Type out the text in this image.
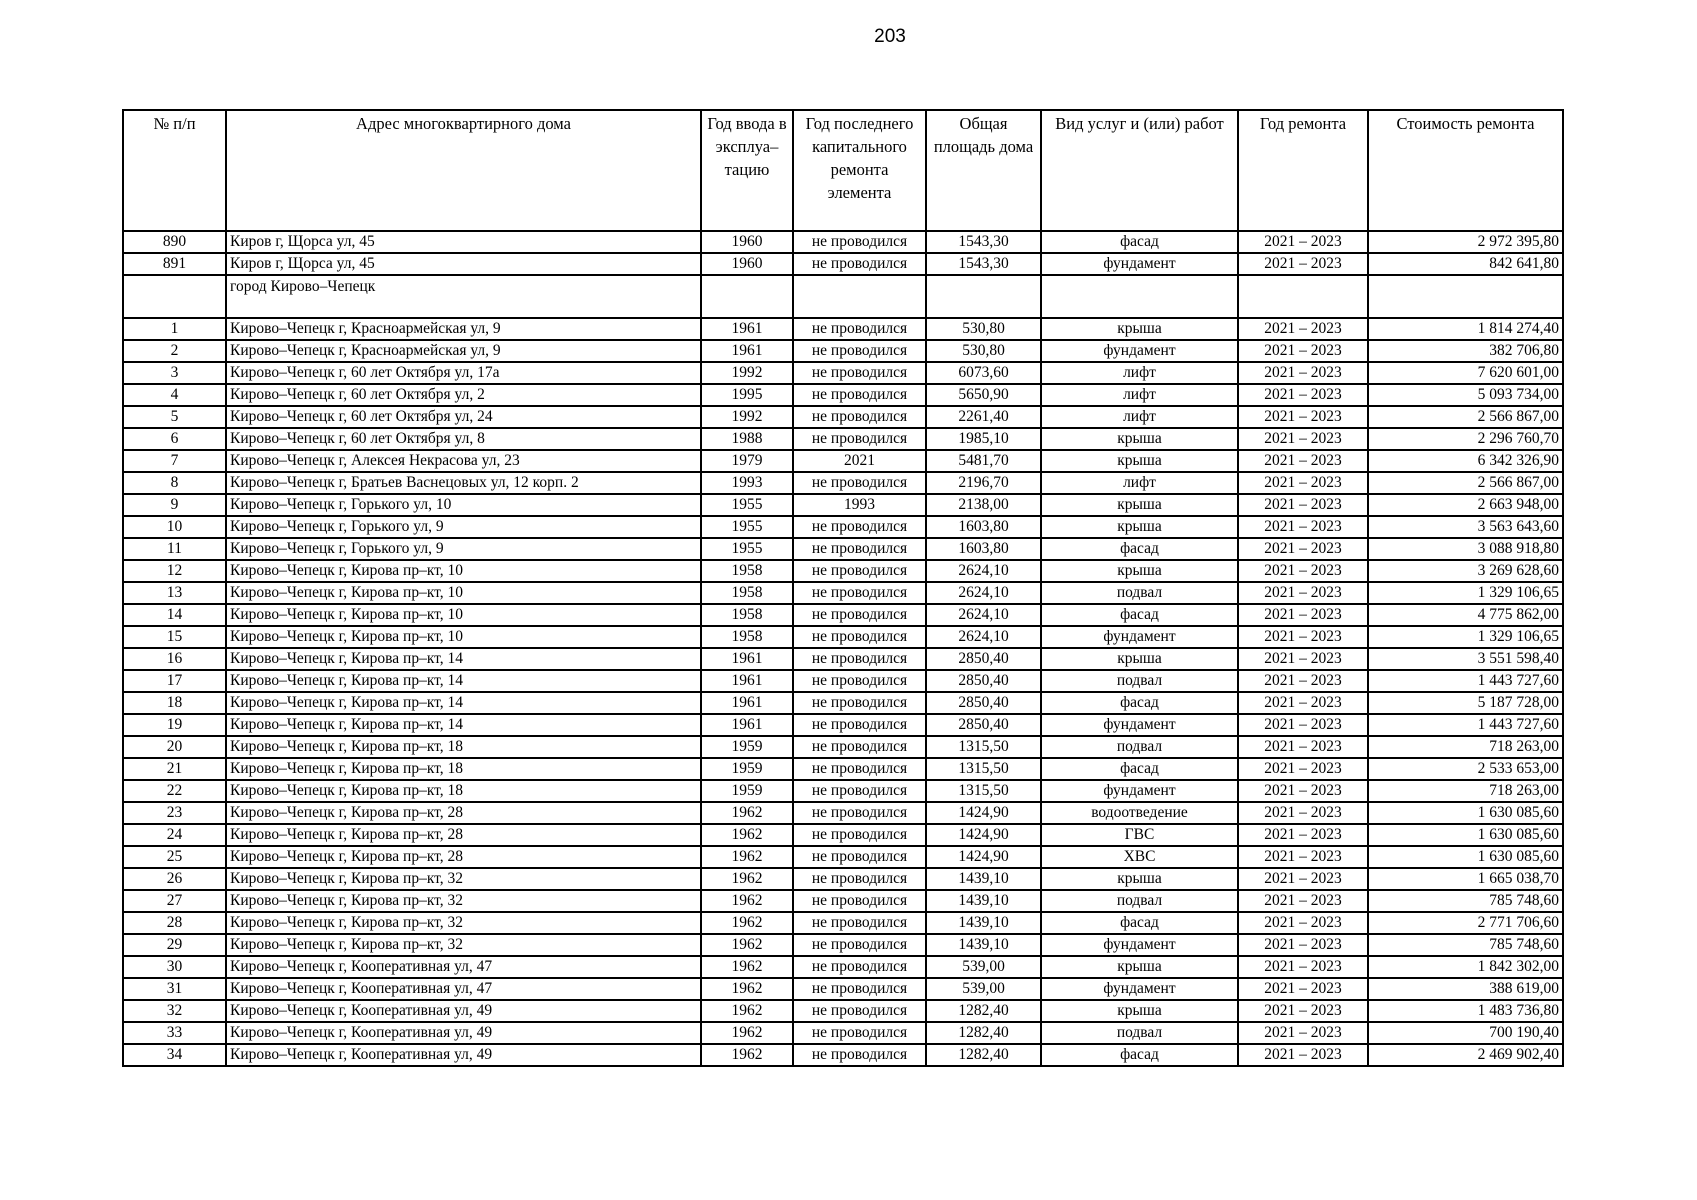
203
№ п/п	Адрес многоквартирного дома	Год ввода в эксплуа–тацию	Год последнего капитального ремонта элемента	Общая площадь дома	Вид услуг и (или) работ	Год ремонта	Стоимость ремонта
890	Киров г, Щорса ул, 45	1960	не проводился	1543,30	фасад	2021 – 2023	2 972 395,80
891	Киров г, Щорса ул, 45	1960	не проводился	1543,30	фундамент	2021 – 2023	842 641,80
	город Кирово–Чепецк						
1	Кирово–Чепецк г, Красноармейская ул, 9	1961	не проводился	530,80	крыша	2021 – 2023	1 814 274,40
2	Кирово–Чепецк г, Красноармейская ул, 9	1961	не проводился	530,80	фундамент	2021 – 2023	382 706,80
3	Кирово–Чепецк г, 60 лет Октября ул, 17а	1992	не проводился	6073,60	лифт	2021 – 2023	7 620 601,00
4	Кирово–Чепецк г, 60 лет Октября ул, 2	1995	не проводился	5650,90	лифт	2021 – 2023	5 093 734,00
5	Кирово–Чепецк г, 60 лет Октября ул, 24	1992	не проводился	2261,40	лифт	2021 – 2023	2 566 867,00
6	Кирово–Чепецк г, 60 лет Октября ул, 8	1988	не проводился	1985,10	крыша	2021 – 2023	2 296 760,70
7	Кирово–Чепецк г, Алексея Некрасова ул, 23	1979	2021	5481,70	крыша	2021 – 2023	6 342 326,90
8	Кирово–Чепецк г, Братьев Васнецовых ул, 12 корп. 2	1993	не проводился	2196,70	лифт	2021 – 2023	2 566 867,00
9	Кирово–Чепецк г, Горького ул, 10	1955	1993	2138,00	крыша	2021 – 2023	2 663 948,00
10	Кирово–Чепецк г, Горького ул, 9	1955	не проводился	1603,80	крыша	2021 – 2023	3 563 643,60
11	Кирово–Чепецк г, Горького ул, 9	1955	не проводился	1603,80	фасад	2021 – 2023	3 088 918,80
12	Кирово–Чепецк г, Кирова пр–кт, 10	1958	не проводился	2624,10	крыша	2021 – 2023	3 269 628,60
13	Кирово–Чепецк г, Кирова пр–кт, 10	1958	не проводился	2624,10	подвал	2021 – 2023	1 329 106,65
14	Кирово–Чепецк г, Кирова пр–кт, 10	1958	не проводился	2624,10	фасад	2021 – 2023	4 775 862,00
15	Кирово–Чепецк г, Кирова пр–кт, 10	1958	не проводился	2624,10	фундамент	2021 – 2023	1 329 106,65
16	Кирово–Чепецк г, Кирова пр–кт, 14	1961	не проводился	2850,40	крыша	2021 – 2023	3 551 598,40
17	Кирово–Чепецк г, Кирова пр–кт, 14	1961	не проводился	2850,40	подвал	2021 – 2023	1 443 727,60
18	Кирово–Чепецк г, Кирова пр–кт, 14	1961	не проводился	2850,40	фасад	2021 – 2023	5 187 728,00
19	Кирово–Чепецк г, Кирова пр–кт, 14	1961	не проводился	2850,40	фундамент	2021 – 2023	1 443 727,60
20	Кирово–Чепецк г, Кирова пр–кт, 18	1959	не проводился	1315,50	подвал	2021 – 2023	718 263,00
21	Кирово–Чепецк г, Кирова пр–кт, 18	1959	не проводился	1315,50	фасад	2021 – 2023	2 533 653,00
22	Кирово–Чепецк г, Кирова пр–кт, 18	1959	не проводился	1315,50	фундамент	2021 – 2023	718 263,00
23	Кирово–Чепецк г, Кирова пр–кт, 28	1962	не проводился	1424,90	водоотведение	2021 – 2023	1 630 085,60
24	Кирово–Чепецк г, Кирова пр–кт, 28	1962	не проводился	1424,90	ГВС	2021 – 2023	1 630 085,60
25	Кирово–Чепецк г, Кирова пр–кт, 28	1962	не проводился	1424,90	ХВС	2021 – 2023	1 630 085,60
26	Кирово–Чепецк г, Кирова пр–кт, 32	1962	не проводился	1439,10	крыша	2021 – 2023	1 665 038,70
27	Кирово–Чепецк г, Кирова пр–кт, 32	1962	не проводился	1439,10	подвал	2021 – 2023	785 748,60
28	Кирово–Чепецк г, Кирова пр–кт, 32	1962	не проводился	1439,10	фасад	2021 – 2023	2 771 706,60
29	Кирово–Чепецк г, Кирова пр–кт, 32	1962	не проводился	1439,10	фундамент	2021 – 2023	785 748,60
30	Кирово–Чепецк г, Кооперативная ул, 47	1962	не проводился	539,00	крыша	2021 – 2023	1 842 302,00
31	Кирово–Чепецк г, Кооперативная ул, 47	1962	не проводился	539,00	фундамент	2021 – 2023	388 619,00
32	Кирово–Чепецк г, Кооперативная ул, 49	1962	не проводился	1282,40	крыша	2021 – 2023	1 483 736,80
33	Кирово–Чепецк г, Кооперативная ул, 49	1962	не проводился	1282,40	подвал	2021 – 2023	700 190,40
34	Кирово–Чепецк г, Кооперативная ул, 49	1962	не проводился	1282,40	фасад	2021 – 2023	2 469 902,40
